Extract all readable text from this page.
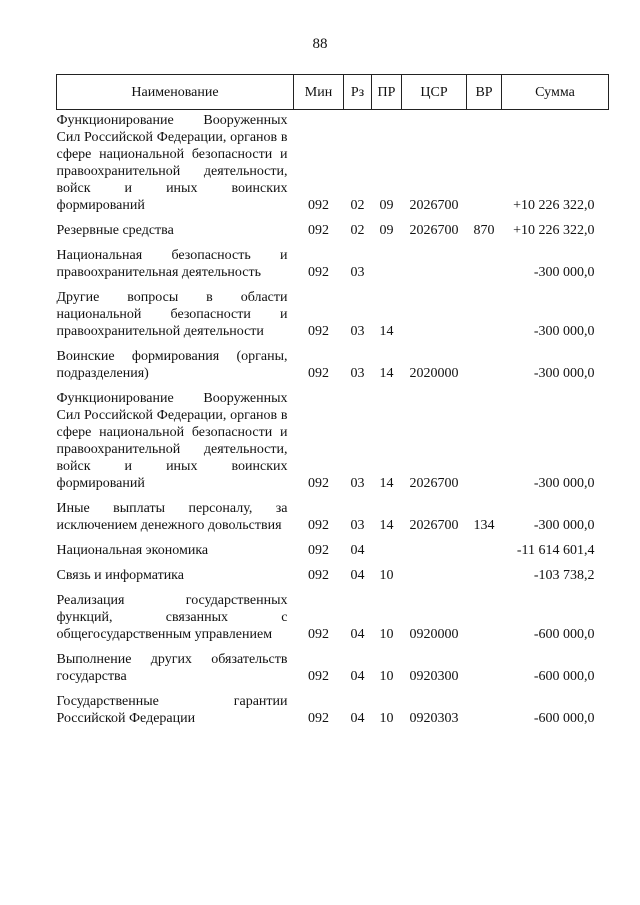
88
Наименование	Мин	Рз	ПР	ЦСР	ВР	Сумма
Функционирование Вооруженных Сил Российской Федерации, органов в сфере национальной безопасности и правоохранительной деятельности, войск и иных воинских формирований	092	02	09	2026700		+10 226 322,0
Резервные средства	092	02	09	2026700	870	+10 226 322,0
Национальная безопасность и правоохранительная деятельность	092	03				-300 000,0
Другие вопросы в области национальной безопасности и правоохранительной деятельности	092	03	14			-300 000,0
Воинские формирования (органы, подразделения)	092	03	14	2020000		-300 000,0
Функционирование Вооруженных Сил Российской Федерации, органов в сфере национальной безопасности и правоохранительной деятельности, войск и иных воинских формирований	092	03	14	2026700		-300 000,0
Иные выплаты персоналу, за исключением денежного довольствия	092	03	14	2026700	134	-300 000,0
Национальная экономика	092	04				-11 614 601,4
Связь и информатика	092	04	10			-103 738,2
Реализация государственных функций, связанных с общегосударственным управлением	092	04	10	0920000		-600 000,0
Выполнение других обязательств государства	092	04	10	0920300		-600 000,0
Государственные гарантии Российской Федерации	092	04	10	0920303		-600 000,0
